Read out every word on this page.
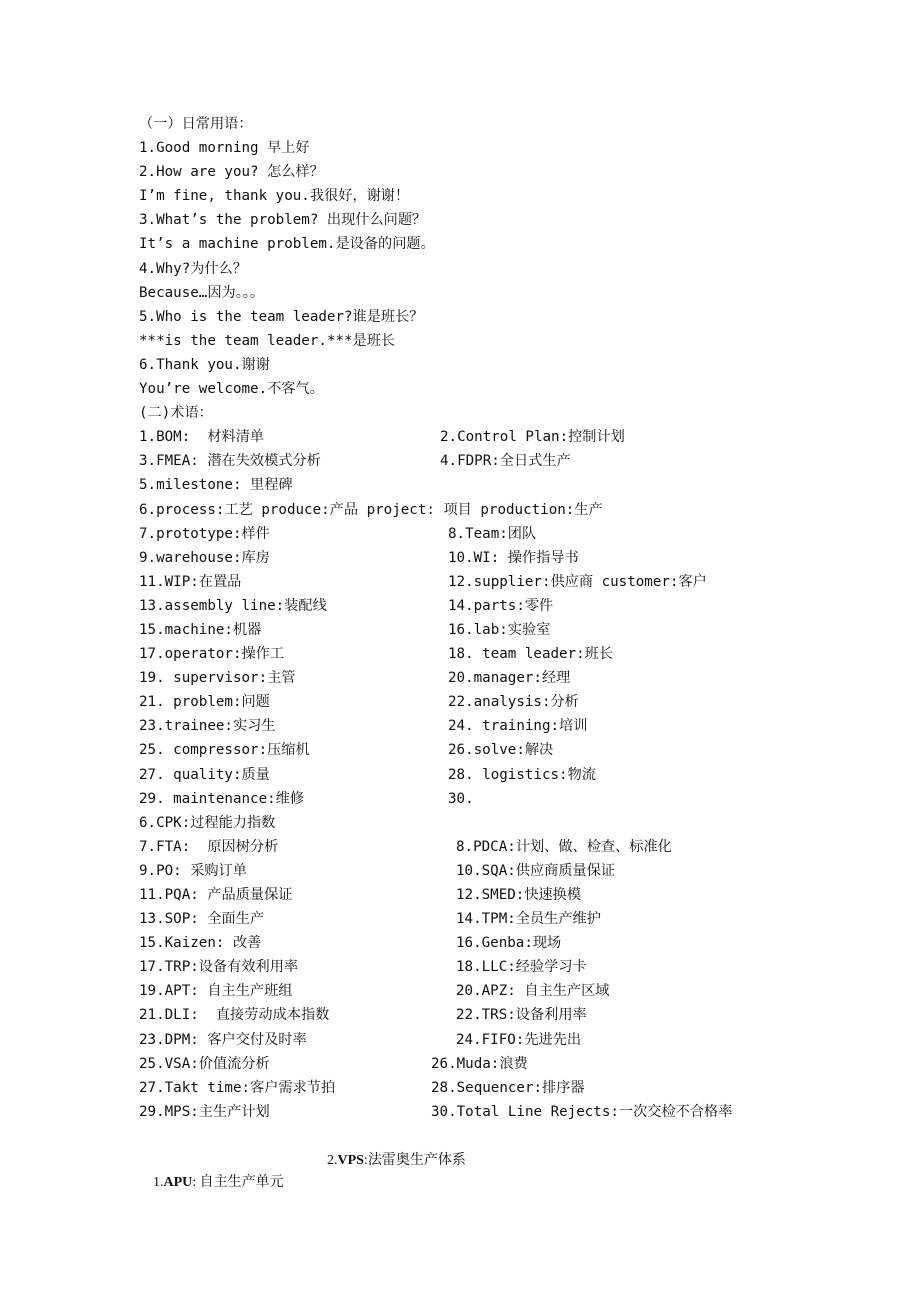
（一）日常用语：
1.Good morning 早上好
2.How are you? 怎么样？
I’m fine, thank you.我很好，谢谢！
3.What’s the problem? 出现什么问题？
It’s a machine problem.是设备的问题。
4.Why?为什么？
Because…因为。。。
5.Who is the team leader?谁是班长？
***is the team leader.***是班长
6.Thank you.谢谢
You’re welcome.不客气。
(二)术语：
1.BOM:  材料清单	2.Control Plan:控制计划
3.FMEA: 潜在失效模式分析	4.FDPR:全日式生产
5.milestone: 里程碑
6.process:工艺 produce:产品 project: 项目 production:生产
7.prototype:样件	8.Team:团队
9.warehouse:库房	10.WI: 操作指导书
11.WIP:在置品	12.supplier:供应商 customer:客户
13.assembly line:装配线	14.parts:零件
15.machine:机器	16.lab:实验室
17.operator:操作工	18. team leader:班长
19. supervisor:主管	20.manager:经理
21. problem:问题	22.analysis:分析
23.trainee:实习生	24. training:培训
25. compressor:压缩机	26.solve:解决
27. quality:质量	28. logistics:物流
29. maintenance:维修	30.
6.CPK:过程能力指数
7.FTA:  原因树分析	8.PDCA:计划、做、检查、标准化
9.PO: 采购订单	10.SQA:供应商质量保证
11.PQA: 产品质量保证	12.SMED:快速换模
13.SOP: 全面生产	14.TPM:全员生产维护
15.Kaizen: 改善	16.Genba:现场
17.TRP:设备有效利用率	18.LLC:经验学习卡
19.APT: 自主生产班组	20.APZ: 自主生产区域
21.DLI:  直接劳动成本指数	22.TRS:设备利用率
23.DPM: 客户交付及时率	24.FIFO:先进先出
25.VSA:价值流分析	26.Muda:浪费
27.Takt time:客户需求节拍	28.Sequencer:排序器
29.MPS:主生产计划	30.Total Line Rejects:一次交检不合格率

1.APU: 自主生产单元

2.VPS:法雷奥生产体系
